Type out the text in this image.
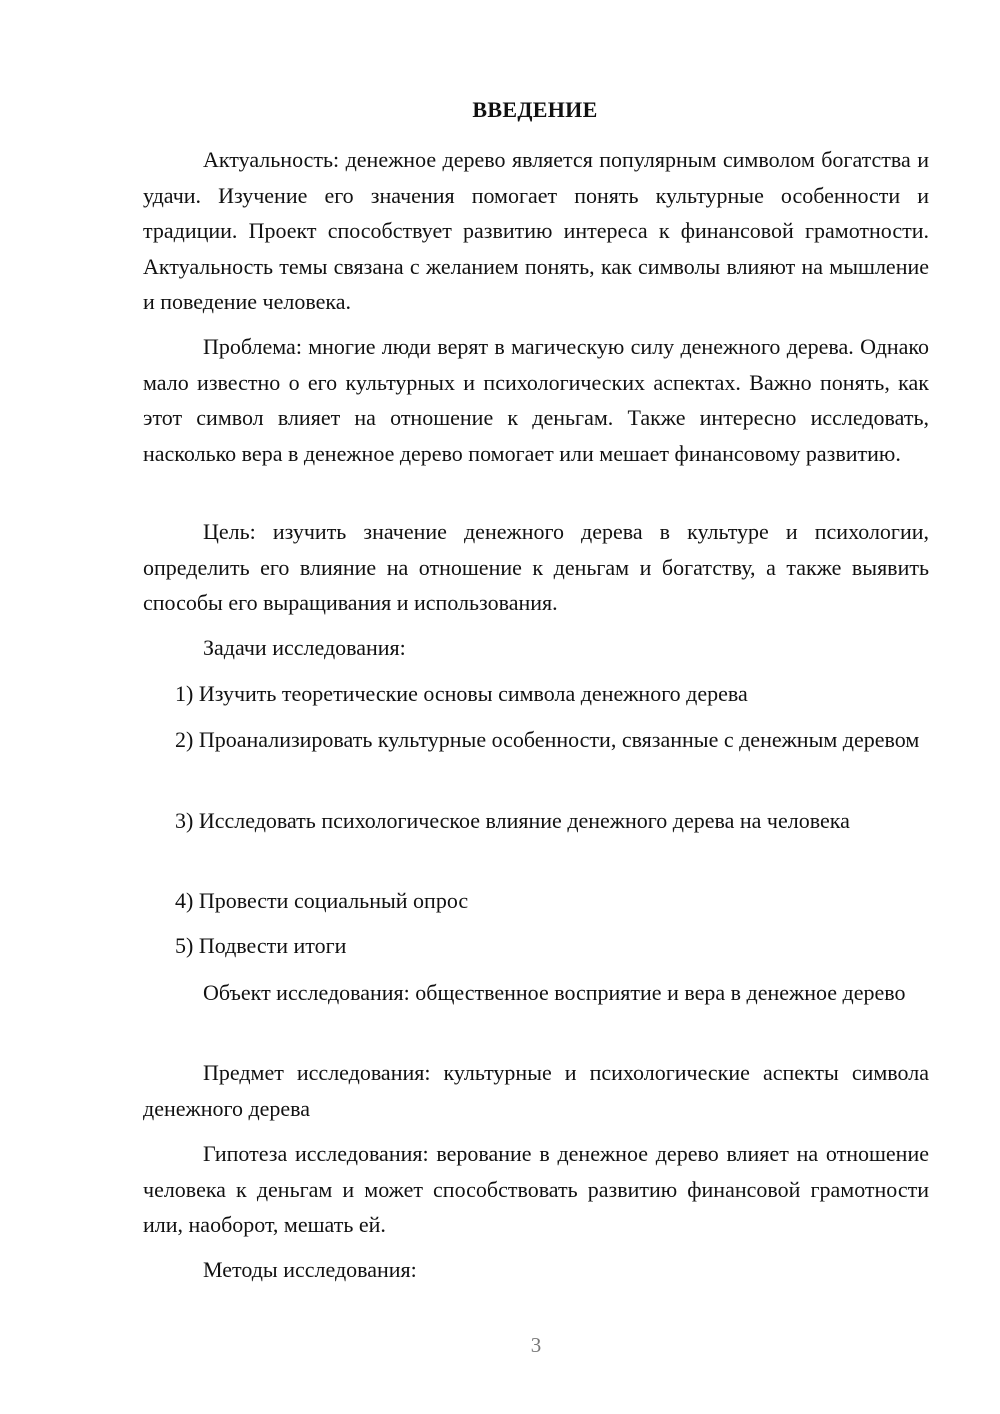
ВВЕДЕНИЕ

Актуальность: денежное дерево является популярным символом богатства и удачи. Изучение его значения помогает понять культурные особенности и традиции. Проект способствует развитию интереса к финансовой грамотности. Актуальность темы связана с желанием понять, как символы влияют на мышление и поведение человека.

Проблема: многие люди верят в магическую силу денежного дерева. Однако мало известно о его культурных и психологических аспектах. Важно понять, как этот символ влияет на отношение к деньгам. Также интересно исследовать, насколько вера в денежное дерево помогает или мешает финансовому развитию.

Цель: изучить значение денежного дерева в культуре и психологии, определить его влияние на отношение к деньгам и богатству, а также выявить способы его выращивания и использования.

Задачи исследования:

1) Изучить теоретические основы символа денежного дерева

2) Проанализировать культурные особенности, связанные с денежным деревом

3) Исследовать психологическое влияние денежного дерева на человека

4) Провести социальный опрос

5) Подвести итоги

Объект исследования: общественное восприятие и вера в денежное дерево

Предмет исследования: культурные и психологические аспекты символа денежного дерева

Гипотеза исследования: верование в денежное дерево влияет на отношение человека к деньгам и может способствовать развитию финансовой грамотности или, наоборот, мешать ей.

Методы исследования:

3
